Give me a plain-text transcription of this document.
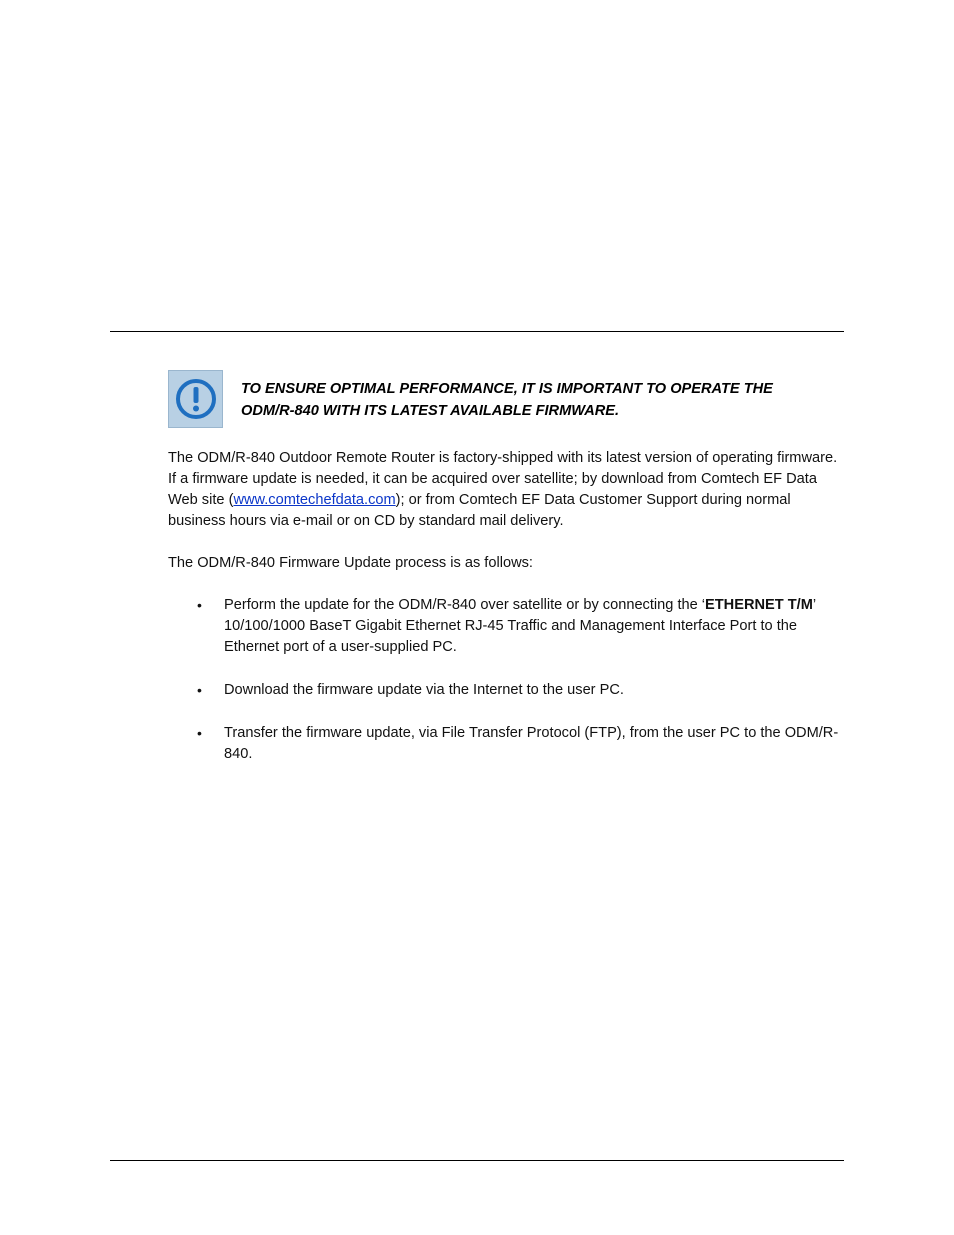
TO ENSURE OPTIMAL PERFORMANCE, IT IS IMPORTANT TO OPERATE THE ODM/R-840 WITH ITS LATEST AVAILABLE FIRMWARE.

The ODM/R-840 Outdoor Remote Router is factory-shipped with its latest version of operating firmware. If a firmware update is needed, it can be acquired over satellite; by download from Comtech EF Data Web site (www.comtechefdata.com); or from Comtech EF Data Customer Support during normal business hours via e-mail or on CD by standard mail delivery.

The ODM/R-840 Firmware Update process is as follows:

• Perform the update for the ODM/R-840 over satellite or by connecting the ‘ETHERNET T/M’ 10/100/1000 BaseT Gigabit Ethernet RJ-45 Traffic and Management Interface Port to the Ethernet port of a user-supplied PC.
• Download the firmware update via the Internet to the user PC.
• Transfer the firmware update, via File Transfer Protocol (FTP), from the user PC to the ODM/R-840.
